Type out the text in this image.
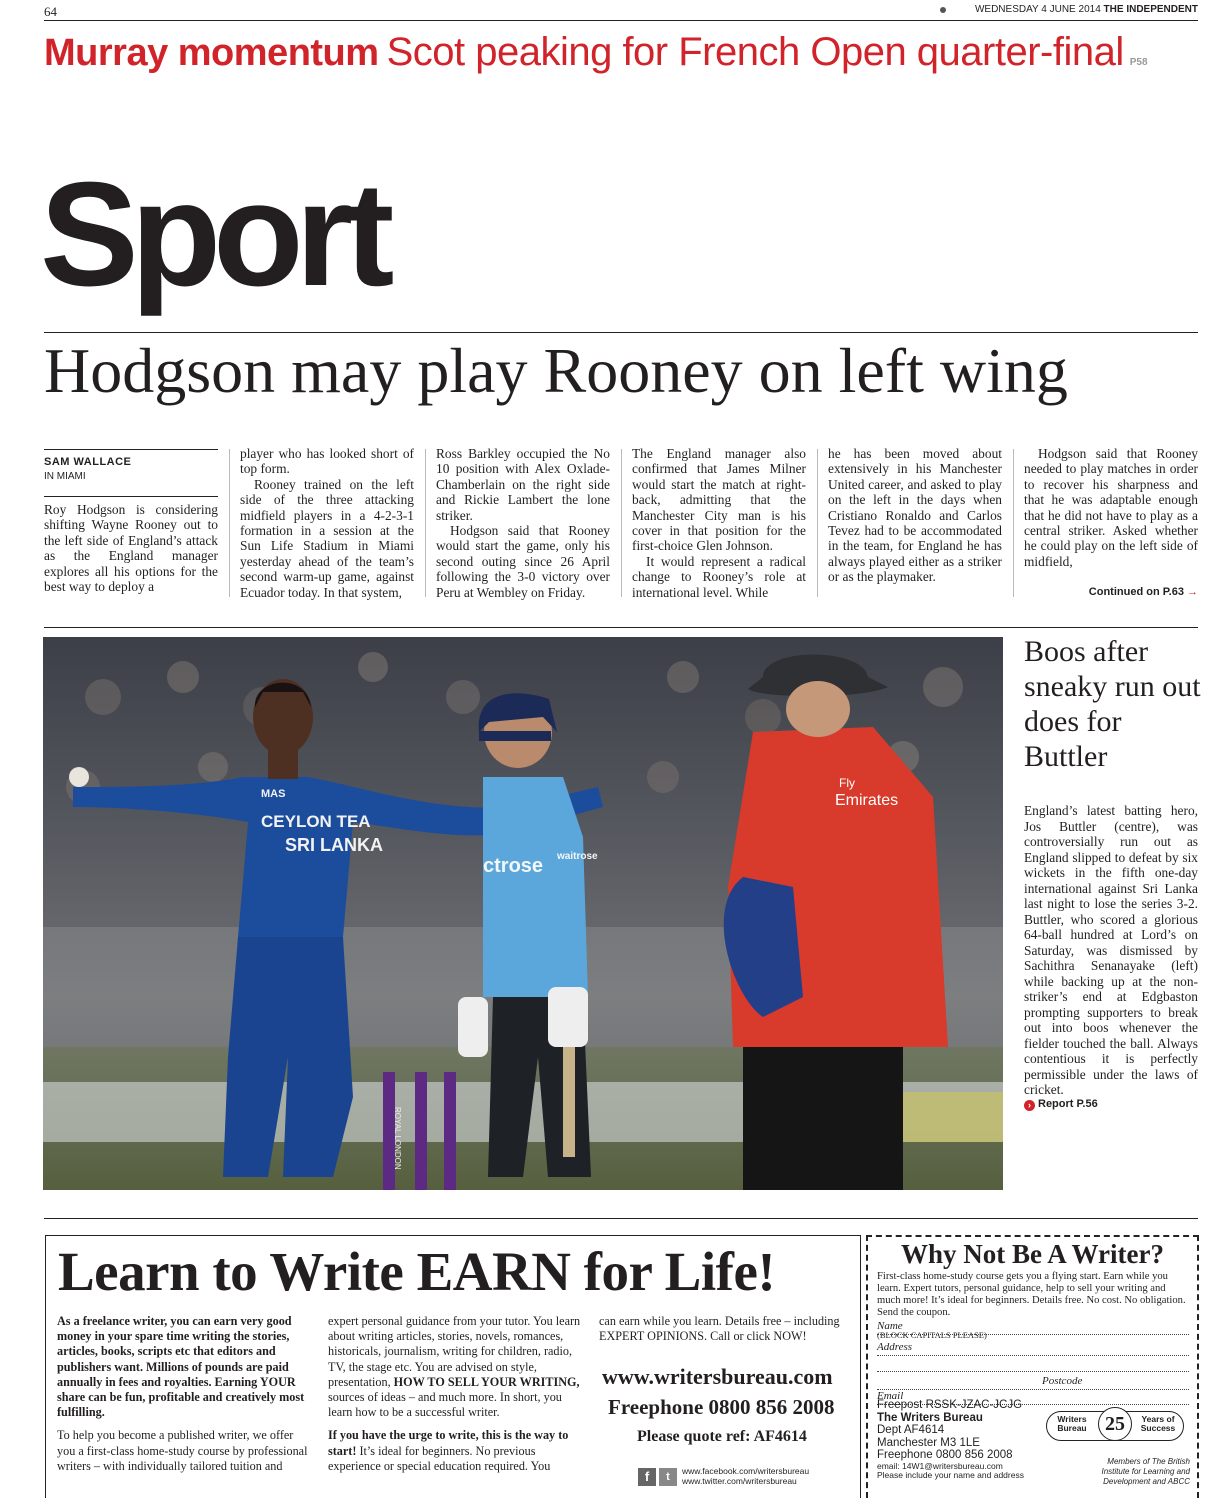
64	WEDNESDAY 4 JUNE 2014 THE INDEPENDENT
Murray momentum Scot peaking for French Open quarter-final P58
Sport
Hodgson may play Rooney on left wing
SAM WALLACE
IN MIAMI

Roy Hodgson is considering shifting Wayne Rooney out to the left side of England’s attack as the England manager explores all his options for the best way to deploy a

player who has looked short of top form.

Rooney trained on the left side of the three attacking midfield players in a 4-2-3-1 formation in a session at the Sun Life Stadium in Miami yesterday ahead of the team’s second warm-up game, against Ecuador today. In that system,

Ross Barkley occupied the No 10 position with Alex Oxlade-Chamberlain on the right side and Rickie Lambert the lone striker.

Hodgson said that Rooney would start the game, only his second outing since 26 April following the 3-0 victory over Peru at Wembley on Friday.

The England manager also confirmed that James Milner would start the match at right-back, admitting that the Manchester City man is his cover in that position for the first-choice Glen Johnson.

It would represent a radical change to Rooney’s role at international level. While

he has been moved about extensively in his Manchester United career, and asked to play on the left in the days when Cristiano Ronaldo and Carlos Tevez had to be accommodated in the team, for England he has always played either as a striker or as the playmaker.

Hodgson said that Rooney needed to play matches in order to recover his sharpness and that he was adaptable enough that he did not have to play as a central striker. Asked whether he could play on the left side of midfield,

Continued on P.63 →
CEYLON TEA
SRI LANKA
MAS
ctrose waitrose
ROYAL LONDON
Fly
Emirates
Boos after sneaky run out does for Buttler
England’s latest batting hero, Jos Buttler (centre), was controversially run out as England slipped to defeat by six wickets in the fifth one-day international against Sri Lanka last night to lose the series 3-2. Buttler, who scored a glorious 64-ball hundred at Lord’s on Saturday, was dismissed by Sachithra Senanayake (left) while backing up at the non-striker’s end at Edgbaston prompting supporters to break out into boos whenever the fielder touched the ball. Always contentious it is perfectly permissible under the laws of cricket.
› Report P.56
Learn to Write EARN for Life!

As a freelance writer, you can earn very good money in your spare time writing the stories, articles, books, scripts etc that editors and publishers want. Millions of pounds are paid annually in fees and royalties. Earning YOUR share can be fun, profitable and creatively most fulfilling.

To help you become a published writer, we offer you a first-class home-study course by professional writers – with individually tailored tuition and

expert personal guidance from your tutor. You learn about writing articles, stories, novels, romances, historicals, journalism, writing for children, radio, TV, the stage etc. You are advised on style, presentation, HOW TO SELL YOUR WRITING, sources of ideas – and much more. In short, you learn how to be a successful writer.

If you have the urge to write, this is the way to start! It’s ideal for beginners. No previous experience or special education required. You

can earn while you learn. Details free – including EXPERT OPINIONS. Call or click NOW!

www.writersbureau.com
Freephone 0800 856 2008
Please quote ref: AF4614
f	t	www.facebook.com/writersbureau
www.twitter.com/writersbureau
Why Not Be A Writer?
First-class home-study course gets you a flying start. Earn while you learn. Expert tutors, personal guidance, help to sell your writing and much more! It’s ideal for beginners. Details free. No cost. No obligation. Send the coupon.
Name
(BLOCK CAPITALS PLEASE)
Address
Postcode
Email
Freepost RSSK-JZAC-JCJG
The Writers Bureau
Dept AF4614
Manchester M3 1LE
Freephone 0800 856 2008
email: 14W1@writersbureau.com
Please include your name and address
Writers Bureau 25	Years of Success
Members of The British Institute for Learning and Development and ABCC
